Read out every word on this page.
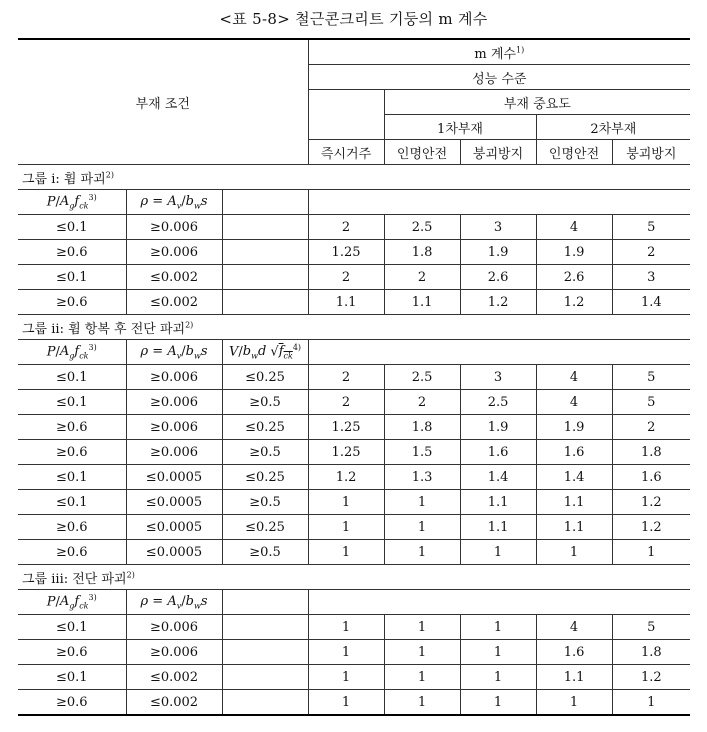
<표 5-8> 철근콘크리트 기둥의 m 계수
부재 조건			m 계수$^{1)}$
			성능 수준				
				부재 중요도			
				1차부재		2차부재	
			즉시거주	인명안전	붕괴방지	인명안전	붕괴방지
그룹 i: 휨 파괴$^{2)}$
$P/A_gf_{ck}^{3)}$	$\rho = A_v/b_ws$						
≤0.1	≥0.006		2	2.5	3	4	5
≥0.6	≥0.006		1.25	1.8	1.9	1.9	2
≤0.1	≤0.002		2	2	2.6	2.6	3
≥0.6	≤0.002		1.1	1.1	1.2	1.2	1.4
그룹 ii: 휨 항복 후 전단 파괴$^{2)}$
$P/A_gf_{ck}^{3)}$	$\rho = A_v/b_ws$	$V/b_wd$ $√f_{ck}^{4)}$	
≤0.1	≥0.006	≤0.25	2	2.5	3	4	5
≤0.1	≥0.006	≥0.5	2	2	2.5	4	5
≥0.6	≥0.006	≤0.25	1.25	1.8	1.9	1.9	2
≥0.6	≥0.006	≥0.5	1.25	1.5	1.6	1.6	1.8
≤0.1	≤0.0005	≤0.25	1.2	1.3	1.4	1.4	1.6
≤0.1	≤0.0005	≥0.5	1	1	1.1	1.1	1.2
≥0.6	≤0.0005	≤0.25	1	1	1.1	1.1	1.2
≥0.6	≤0.0005	≥0.5	1	1	1	1	1
그룹 iii: 전단 파괴$^{2)}$
$P/A_gf_{ck}^{3)}$	$\rho = A_v/b_ws$						
≤0.1	≥0.006		1	1	1	4	5
≥0.6	≥0.006		1	1	1	1.6	1.8
≤0.1	≤0.002		1	1	1	1.1	1.2
≥0.6	≤0.002		1	1	1	1	1
